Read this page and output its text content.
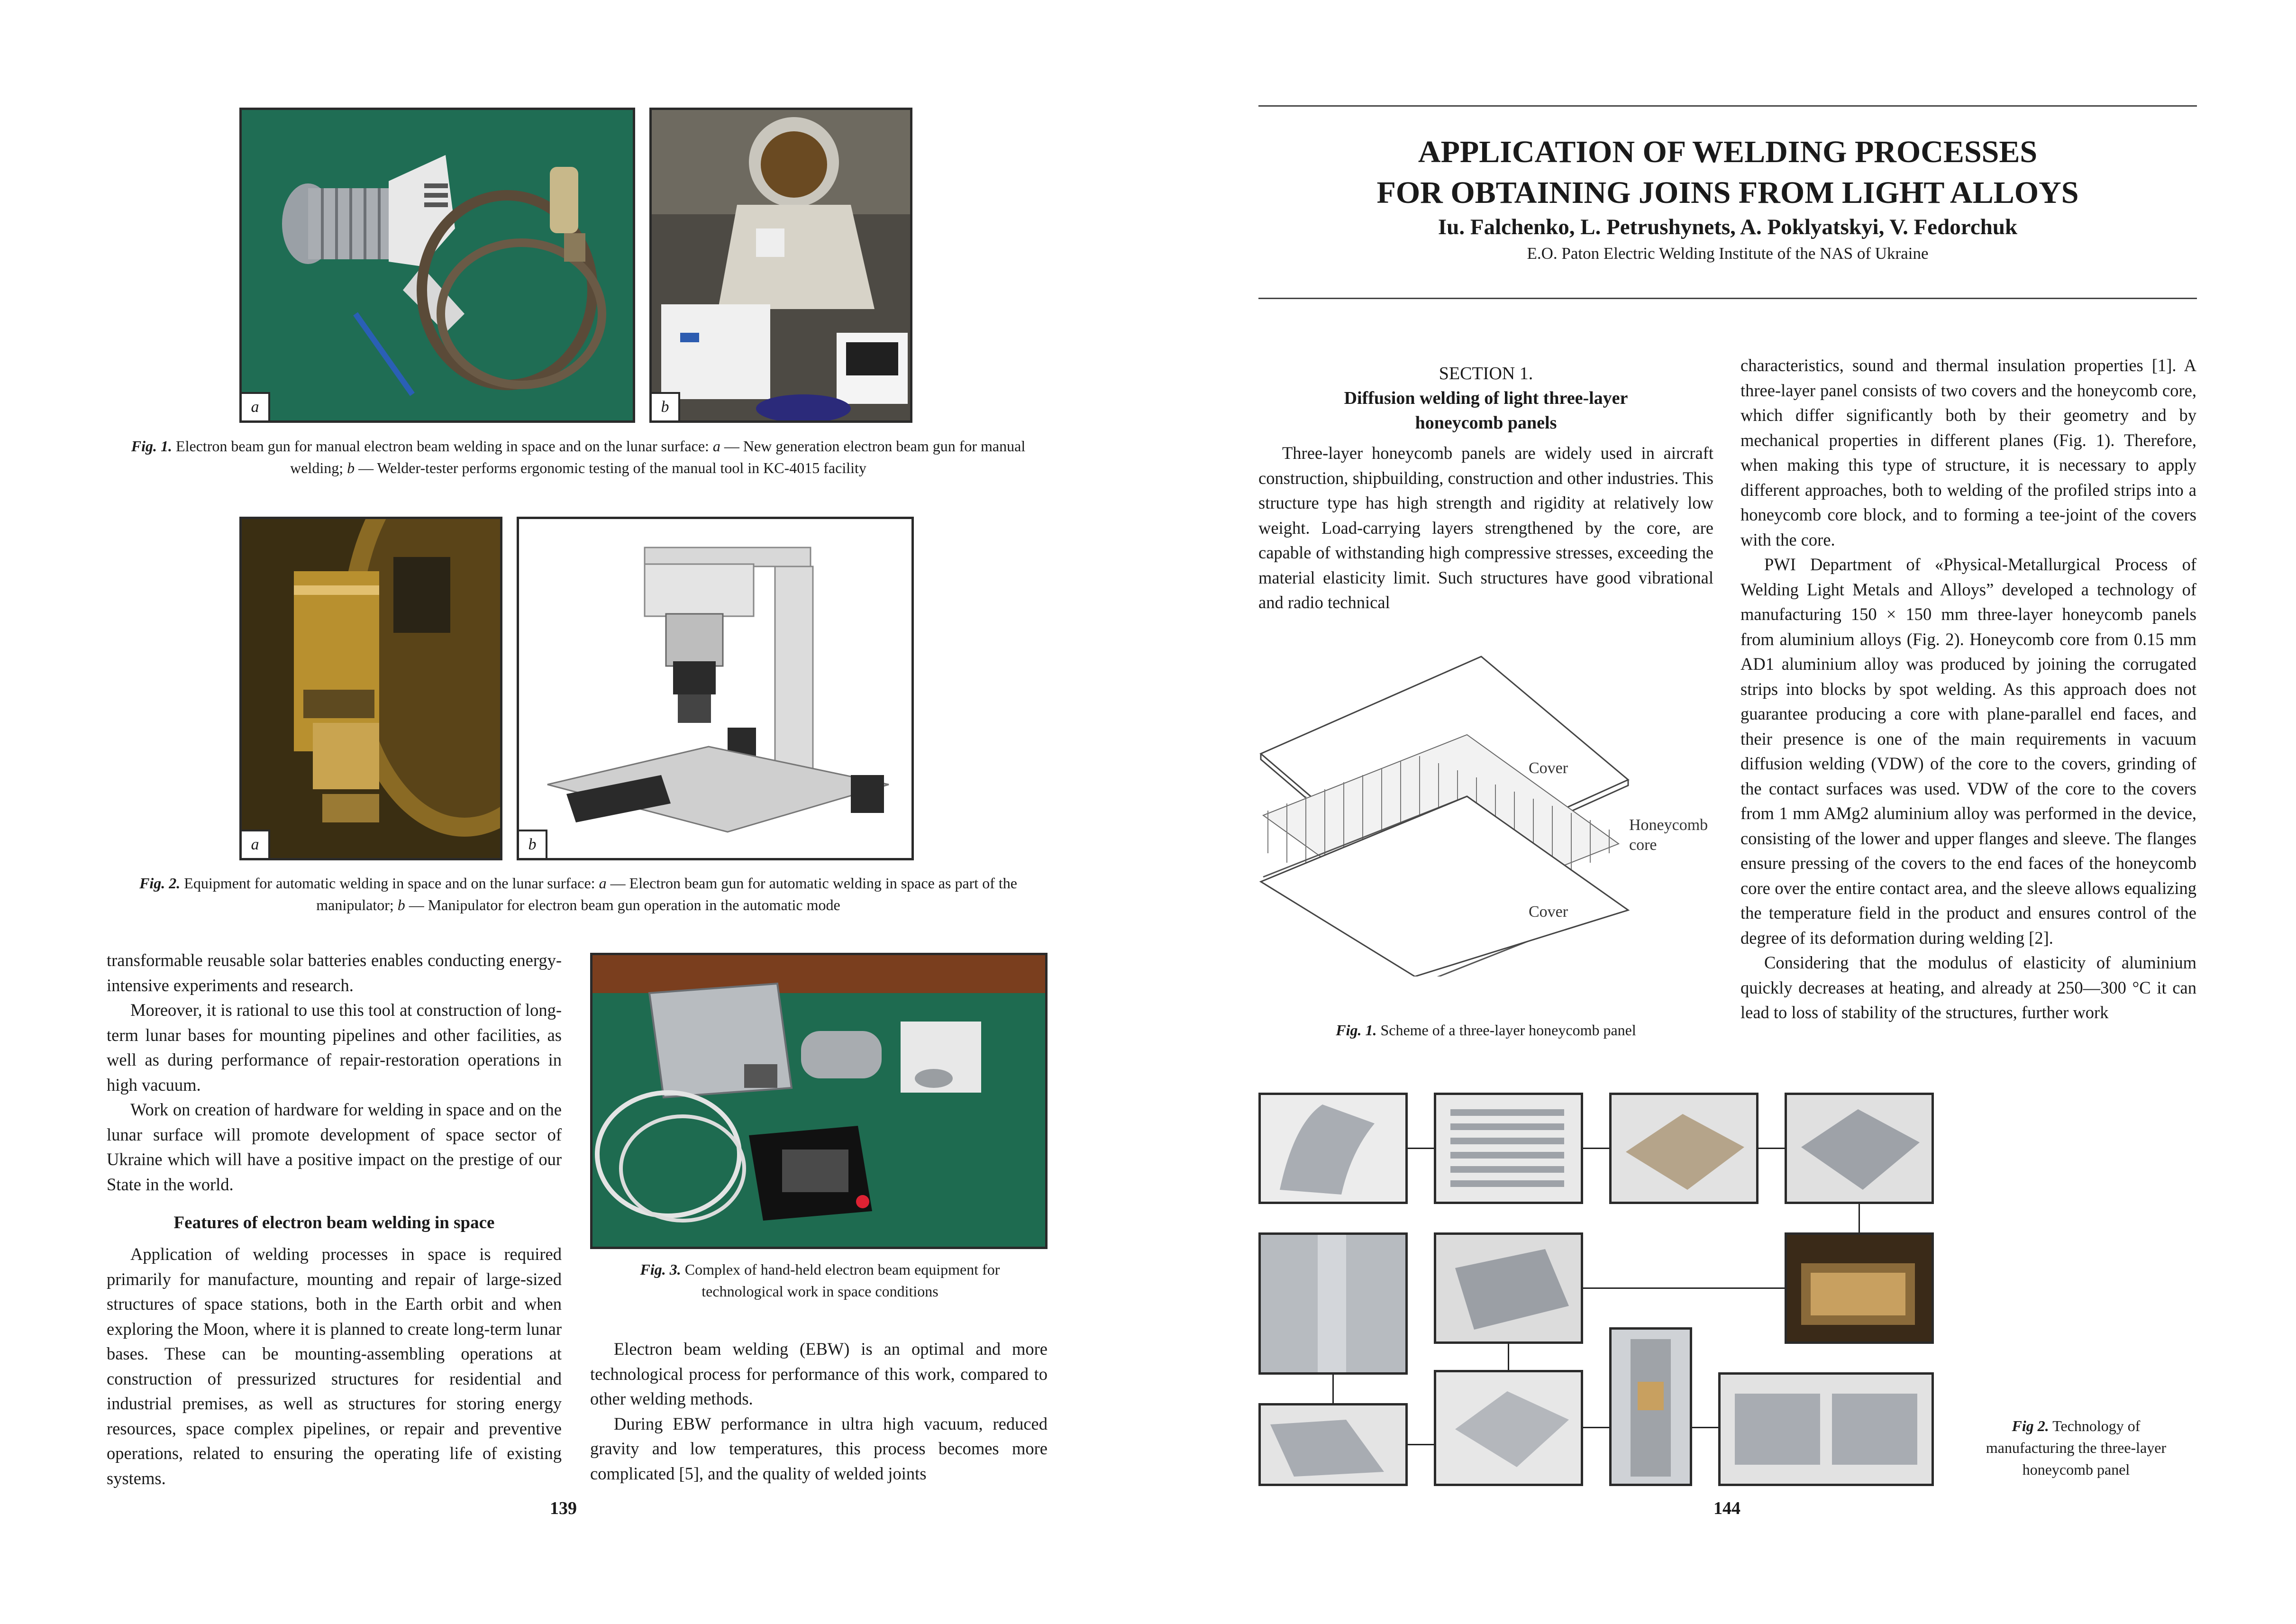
a	b
Fig. 1. Electron beam gun for manual electron beam welding in space and on the lunar surface: a — New generation electron beam gun for manual welding; b — Welder-tester performs ergonomic testing of the manual tool in KC-4015 facility
a	b
Fig. 2. Equipment for automatic welding in space and on the lunar surface: a — Electron beam gun for automatic welding in space as part of the manipulator; b — Manipulator for electron beam gun operation in the automatic mode

transformable reusable solar batteries enables conducting energy-intensive experiments and research.

Moreover, it is rational to use this tool at construction of long-term lunar bases for mounting pipelines and other facilities, as well as during performance of repair-restoration operations in high vacuum.

Work on creation of hardware for welding in space and on the lunar surface will promote development of space sector of Ukraine which will have a positive impact on the prestige of our State in the world.

Features of electron beam welding in space

Application of welding processes in space is required primarily for manufacture, mounting and repair of large-sized structures of space stations, both in the Earth orbit and when exploring the Moon, where it is planned to create long-term lunar bases. These can be mounting-assembling operations at construction of pressurized structures for residential and industrial premises, as well as structures for storing energy resources, space complex pipelines, or repair and preventive operations, related to ensuring the operating life of existing systems.

Fig. 3. Complex of hand-held electron beam equipment for technological work in space conditions

Electron beam welding (EBW) is an optimal and more technological process for performance of this work, compared to other welding methods.

During EBW performance in ultra high vacuum, reduced gravity and low temperatures, this process becomes more complicated [5], and the quality of welded joints

139
APPLICATION OF WELDING PROCESSES
FOR OBTAINING JOINS FROM LIGHT ALLOYS
Iu. Falchenko, L. Petrushynets, A. Poklyatskyi, V. Fedorchuk
E.O. Paton Electric Welding Institute of the NAS of Ukraine
SECTION 1.
Diffusion welding of light three-layer
honeycomb panels

Three-layer honeycomb panels are widely used in aircraft construction, shipbuilding, construction and other industries. This structure type has high strength and rigidity at relatively low weight. Load-carrying layers strengthened by the core, are capable of withstanding high compressive stresses, exceeding the material elasticity limit. Such structures have good vibrational and radio technical

Cover
Honeycomb
core
Cover
Fig. 1. Scheme of a three-layer honeycomb panel

characteristics, sound and thermal insulation properties [1]. A three-layer panel consists of two covers and the honeycomb core, which differ significantly both by their geometry and by mechanical properties in different planes (Fig. 1). Therefore, when making this type of structure, it is necessary to apply different approaches, both to welding of the profiled strips into a honeycomb core block, and to forming a tee-joint of the covers with the core.

PWI Department of «Physical-Metallurgical Process of Welding Light Metals and Alloys” developed a technology of manufacturing 150 × 150 mm three-layer honeycomb panels from aluminium alloys (Fig. 2). Honeycomb core from 0.15 mm AD1 aluminium alloy was produced by joining the corrugated strips into blocks by spot welding. As this approach does not guarantee producing a core with plane-parallel end faces, and their presence is one of the main requirements in vacuum diffusion welding (VDW) of the core to the covers, grinding of the contact surfaces was used. VDW of the core to the covers from 1 mm AMg2 aluminium alloy was performed in the device, consisting of the lower and upper flanges and sleeve. The flanges ensure pressing of the covers to the end faces of the honeycomb core over the entire contact area, and the sleeve allows equalizing the temperature field in the product and ensures control of the degree of its deformation during welding [2].

Considering that the modulus of elasticity of aluminium quickly decreases at heating, and already at 250—300 °C it can lead to loss of stability of the structures, further work

Fig 2. Technology of
manufacturing the three-layer
honeycomb panel
144
